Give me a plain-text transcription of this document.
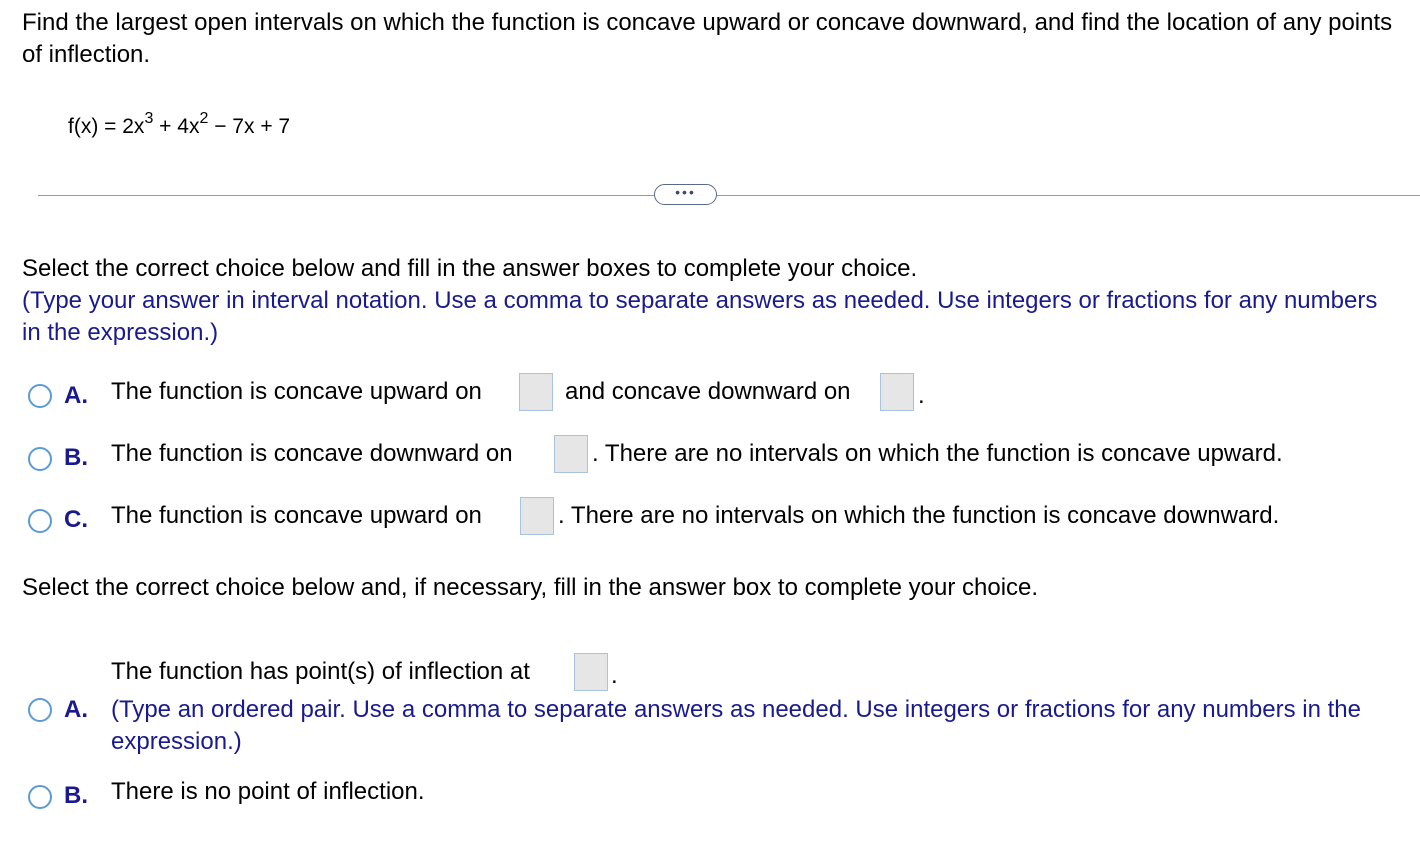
Find the largest open intervals on which the function is concave upward or concave downward, and find the location of any points of inflection.
$f(x) = 2x^3 + 4x^2 - 7x + 7$
•••
Select the correct choice below and fill in the answer boxes to complete your choice.
(Type your answer in interval notation. Use a comma to separate answers as needed. Use integers or fractions for any numbers in the expression.)
A. The function is concave upward on	and concave downward on	.
B. The function is concave downward on	. There are no intervals on which the function is concave upward.
C. The function is concave upward on	. There are no intervals on which the function is concave downward.
Select the correct choice below and, if necessary, fill in the answer box to complete your choice.
The function has point(s) of inflection at	.
A. (Type an ordered pair. Use a comma to separate answers as needed. Use integers or fractions for any numbers in the expression.)
B. There is no point of inflection.
